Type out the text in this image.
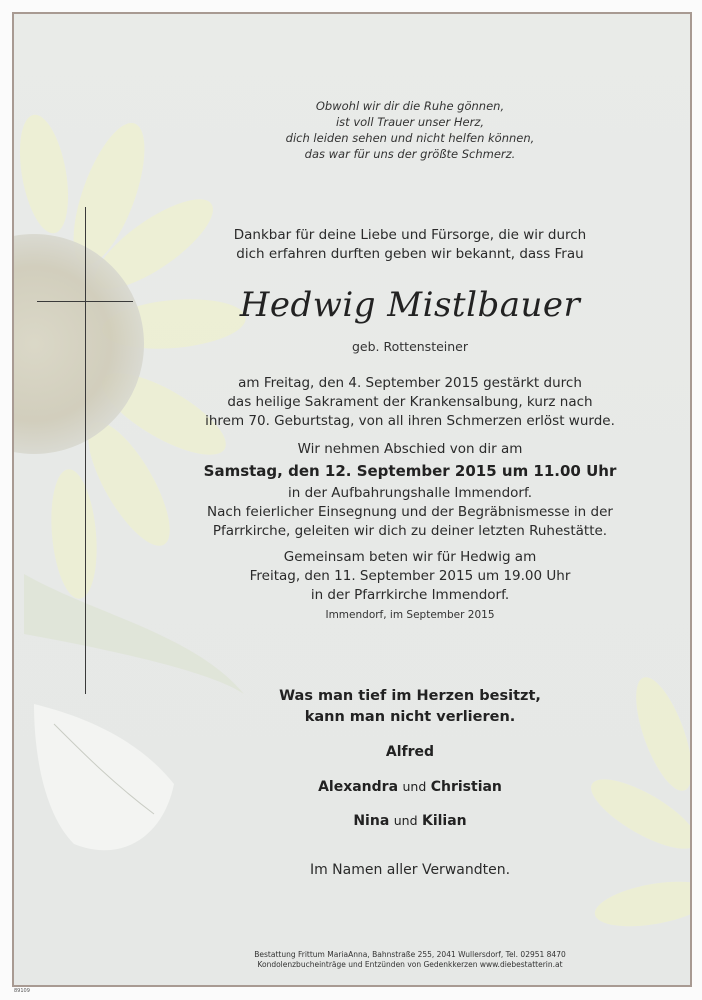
Obwohl wir dir die Ruhe gönnen,
ist voll Trauer unser Herz,
dich leiden sehen und nicht helfen können,
das war für uns der größte Schmerz.

Dankbar für deine Liebe und Fürsorge, die wir durch
dich erfahren durften geben wir bekannt, dass Frau

Hedwig Mistlbauer

geb. Rottensteiner

am Freitag, den 4. September 2015 gestärkt durch
das heilige Sakrament der Krankensalbung, kurz nach
ihrem 70. Geburtstag, von all ihren Schmerzen erlöst wurde.

Wir nehmen Abschied von dir am

Samstag, den 12. September 2015 um 11.00 Uhr

in der Aufbahrungshalle Immendorf.
Nach feierlicher Einsegnung und der Begräbnismesse in der
Pfarrkirche, geleiten wir dich zu deiner letzten Ruhestätte.

Gemeinsam beten wir für Hedwig am
Freitag, den 11. September 2015 um 19.00 Uhr
in der Pfarrkirche Immendorf.

Immendorf, im September 2015

Was man tief im Herzen besitzt,
kann man nicht verlieren.

Alfred

Alexandra und Christian

Nina und Kilian

Im Namen aller Verwandten.

Bestattung Frittum MariaAnna, Bahnstraße 255, 2041 Wullersdorf, Tel. 02951 8470
Kondolenzbucheinträge und Entzünden von Gedenkkerzen www.diebestatterin.at

89109
